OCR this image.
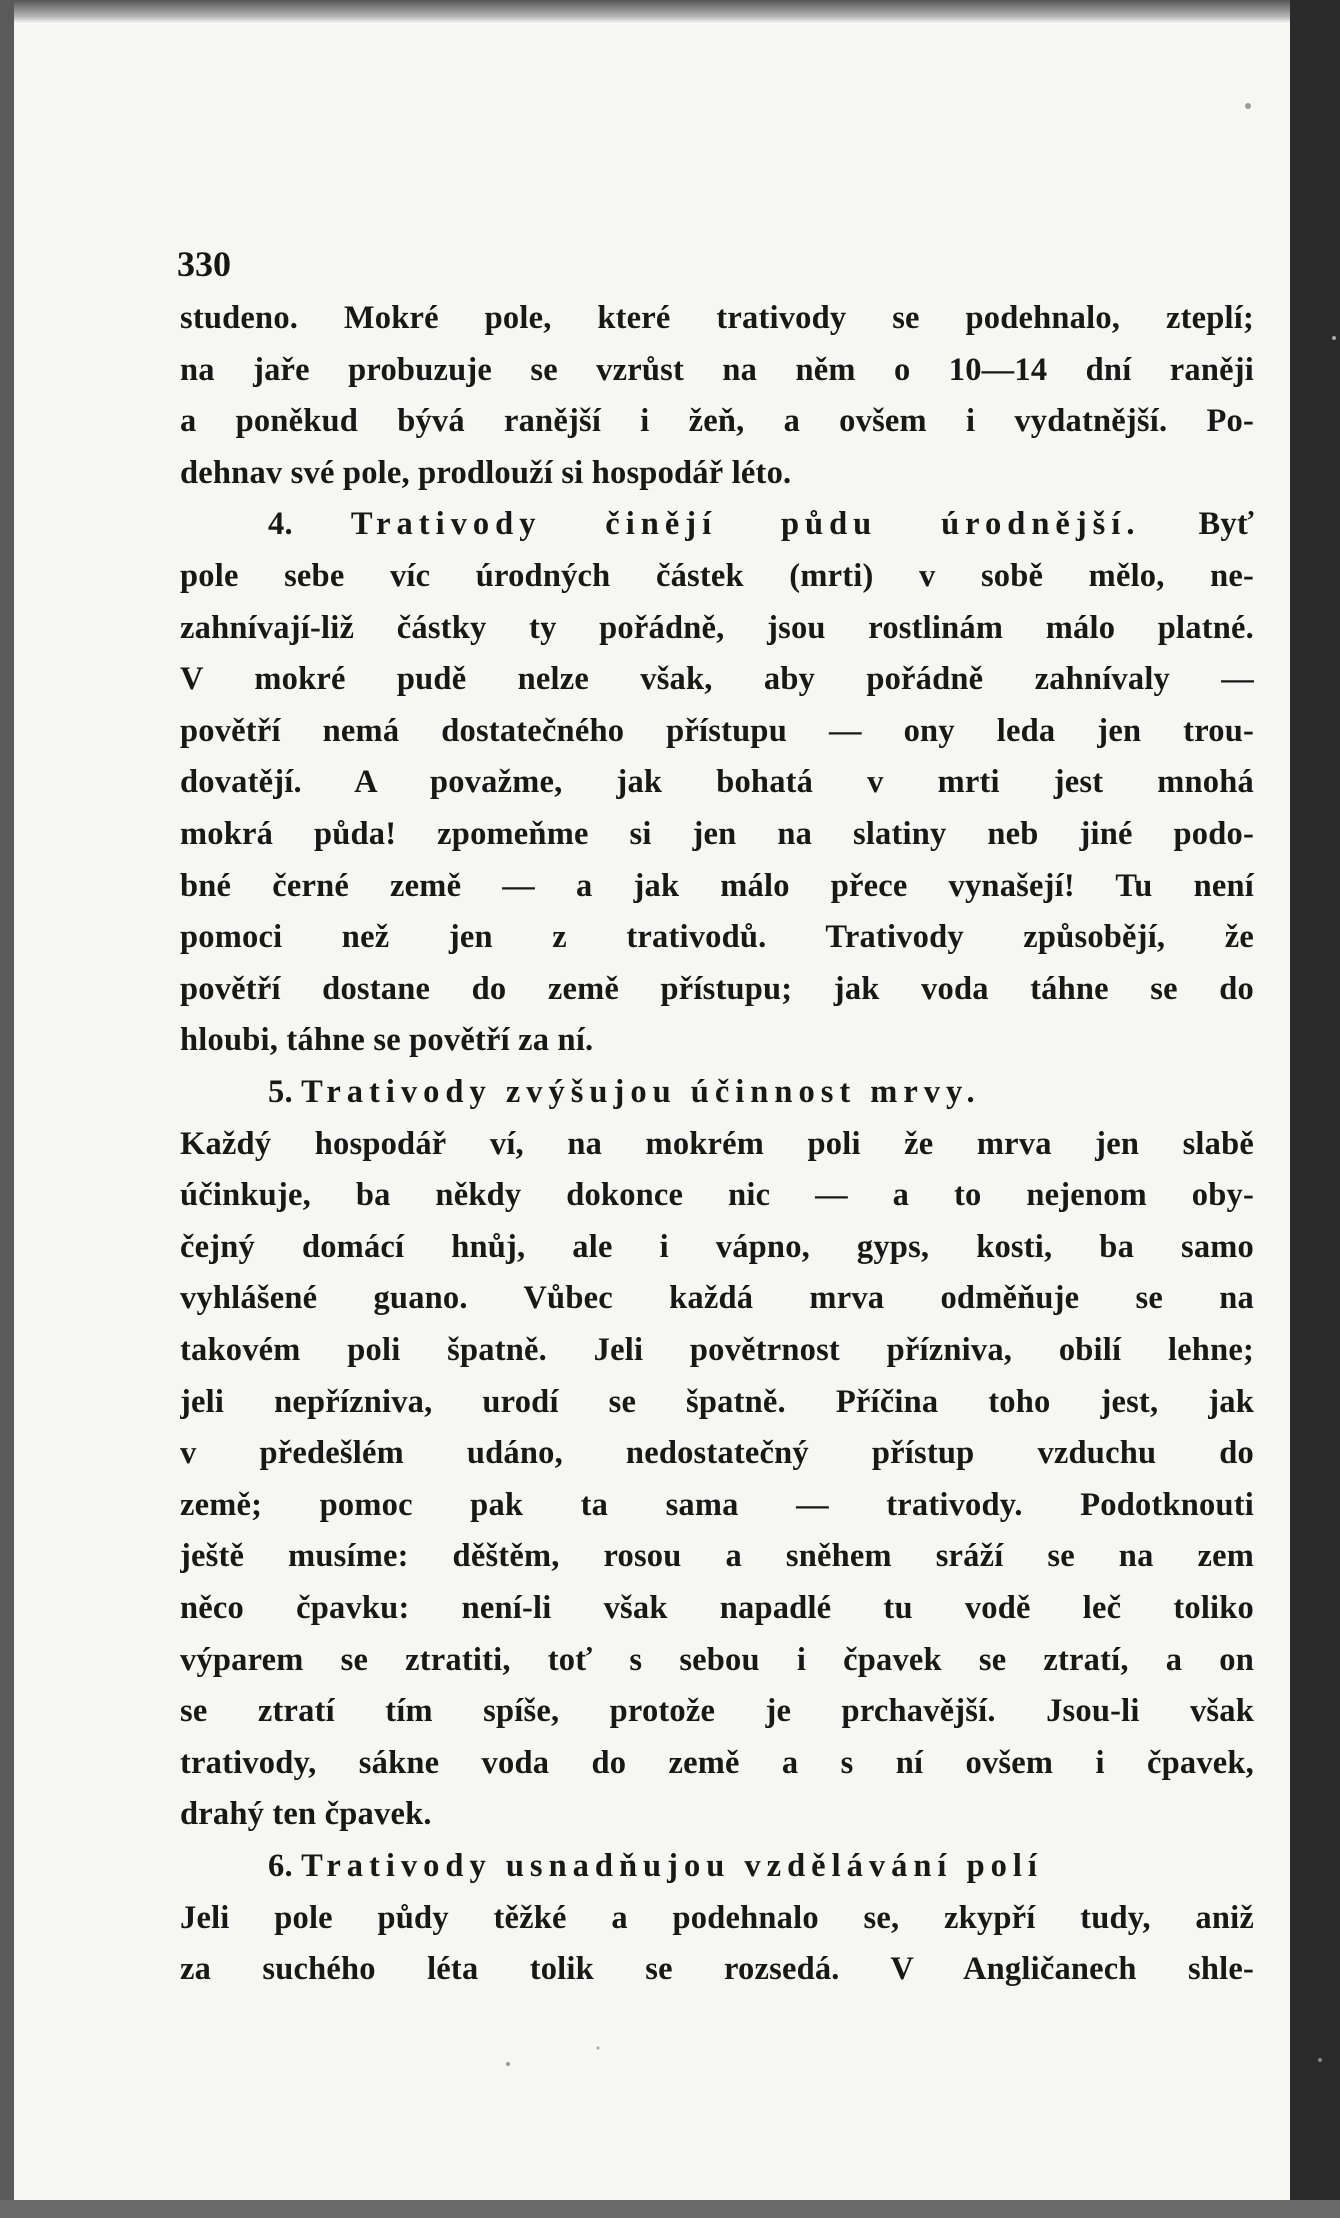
330
studeno. Mokré pole, které trativody se podehnalo, zteplí;
na jaře probuzuje se vzrůst na něm o 10—14 dní raněji
a poněkud bývá ranější i žeň, a ovšem i vydatnější. Po-
dehnav své pole, prodlouží si hospodář léto.
4. Trativody činějí půdu úrodnější. Byť
pole sebe víc úrodných částek (mrti) v sobě mělo, ne-
zahnívají-liž částky ty pořádně, jsou rostlinám málo platné.
V mokré pudě nelze však, aby pořádně zahnívaly —
povětří nemá dostatečného přístupu — ony leda jen trou-
dovatějí. A považme, jak bohatá v mrti jest mnohá
mokrá půda! zpomeňme si jen na slatiny neb jiné podo-
bné černé země — a jak málo přece vynašejí! Tu není
pomoci než jen z trativodů. Trativody způsobějí, že
povětří dostane do země přístupu; jak voda táhne se do
hloubi, táhne se povětří za ní.
5. Trativody zvýšujou účinnost mrvy.
Každý hospodář ví, na mokrém poli že mrva jen slabě
účinkuje, ba někdy dokonce nic — a to nejenom oby-
čejný domácí hnůj, ale i vápno, gyps, kosti, ba samo
vyhlášené guano. Vůbec každá mrva odměňuje se na
takovém poli špatně. Jeli povětrnost přízniva, obilí lehne;
jeli nepřízniva, urodí se špatně. Příčina toho jest, jak
v předešlém udáno, nedostatečný přístup vzduchu do
země; pomoc pak ta sama — trativody. Podotknouti
ještě musíme: děštěm, rosou a sněhem sráží se na zem
něco čpavku: není-li však napadlé tu vodě leč toliko
výparem se ztratiti, toť s sebou i čpavek se ztratí, a on
se ztratí tím spíše, protože je prchavější. Jsou-li však
trativody, sákne voda do země a s ní ovšem i čpavek,
drahý ten čpavek.
6. Trativody usnadňujou vzdělávání polí
Jeli pole půdy těžké a podehnalo se, zkypří tudy, aniž
za suchého léta tolik se rozsedá. V Angličanech shle-
